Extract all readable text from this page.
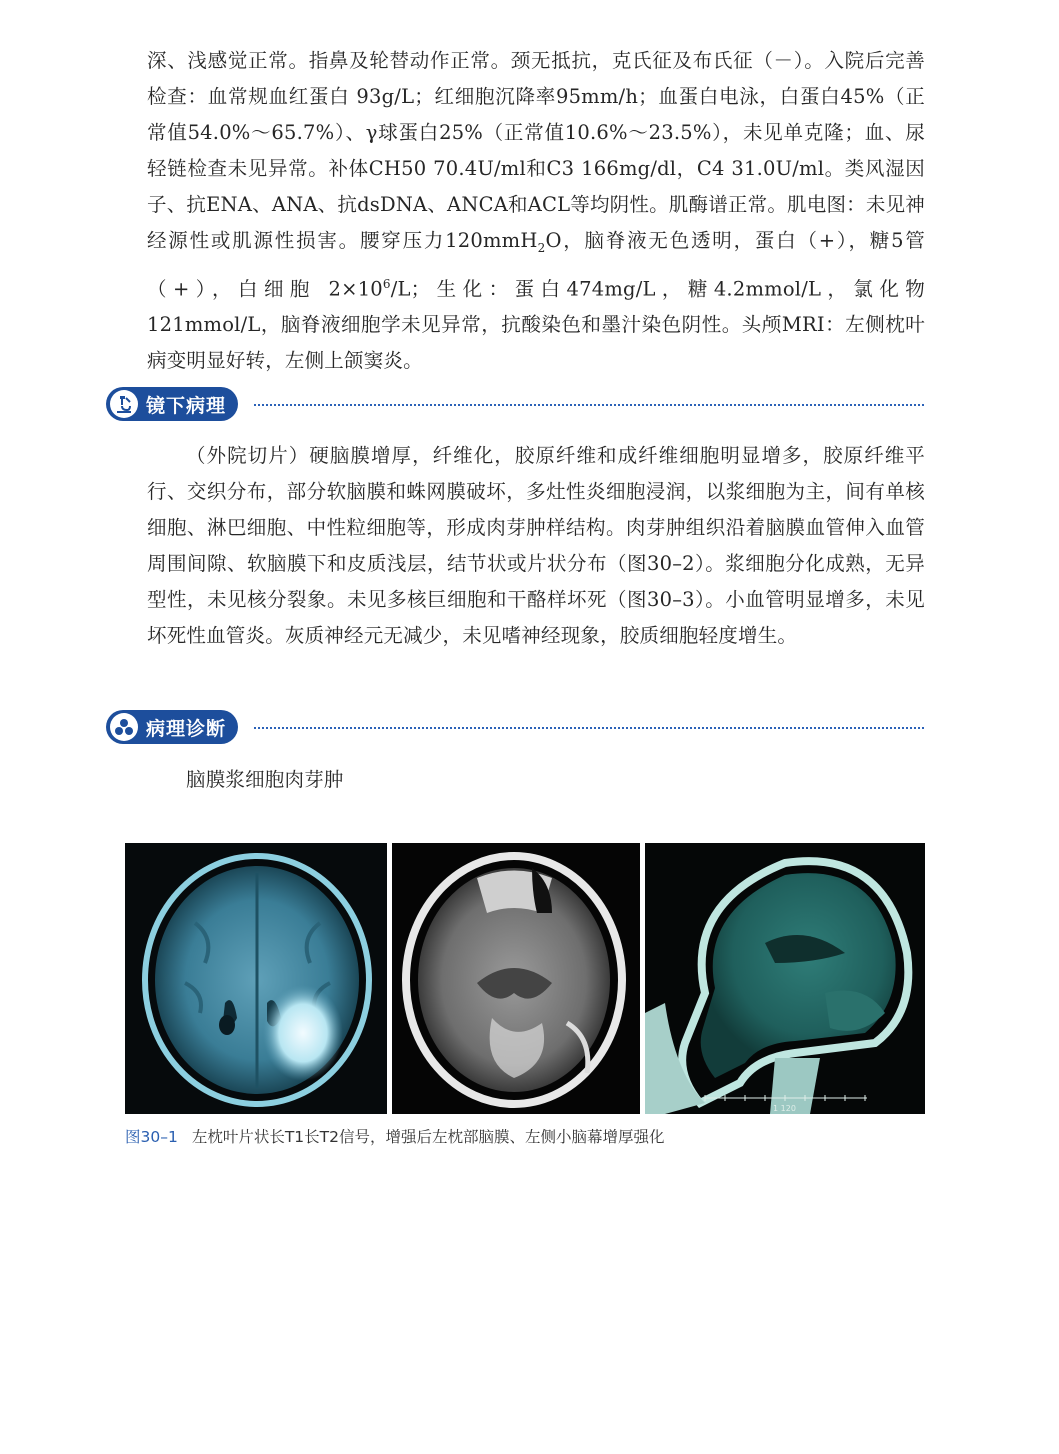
深、浅感觉正常。指鼻及轮替动作正常。颈无抵抗，克氏征及布氏征（－）。入院后完善检查：血常规血红蛋白 93g/L；红细胞沉降率95mm/h；血蛋白电泳，白蛋白45%（正常值54.0%～65.7%）、γ球蛋白25%（正常值10.6%～23.5%），未见单克隆；血、尿轻链检查未见异常。补体CH50 70.4U/ml和C3 166mg/dl，C4 31.0U/ml。类风湿因子、抗ENA、ANA、抗dsDNA、ANCA和ACL等均阴性。肌酶谱正常。肌电图：未见神经源性或肌源性损害。腰穿压力120mmH$_2$O，脑脊液无色透明，蛋白（+），糖5管（+），白细胞 $2\times 10^6/L$；生化：蛋白474mg/L，糖4.2mmol/L，氯化物121mmol/L，脑脊液细胞学未见异常，抗酸染色和墨汁染色阴性。头颅MRI：左侧枕叶病变明显好转，左侧上颌窦炎。

镜下病理

（外院切片）硬脑膜增厚，纤维化，胶原纤维和成纤维细胞明显增多，胶原纤维平行、交织分布，部分软脑膜和蛛网膜破坏，多灶性炎细胞浸润，以浆细胞为主，间有单核细胞、淋巴细胞、中性粒细胞等，形成肉芽肿样结构。肉芽肿组织沿着脑膜血管伸入血管周围间隙、软脑膜下和皮质浅层，结节状或片状分布（图30–2）。浆细胞分化成熟，无异型性，未见核分裂象。未见多核巨细胞和干酪样坏死（图30–3）。小血管明显增多，未见坏死性血管炎。灰质神经元无减少，未见嗜神经现象，胶质细胞轻度增生。

病理诊断

脑膜浆细胞肉芽肿

1 120
图30–1 左枕叶片状长T1长T2信号，增强后左枕部脑膜、左侧小脑幕增厚强化
